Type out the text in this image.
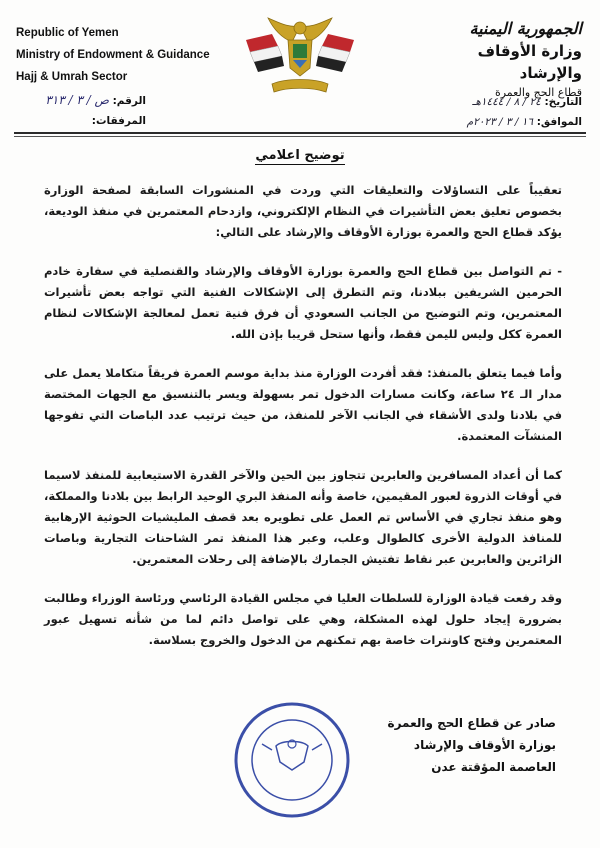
Republic of Yemen
Ministry of Endowment & Guidance
Hajj & Umrah Sector
الجمهورية اليمنية
وزارة الأوقاف والإرشاد
قطاع الحج والعمرة
الرقم: ص / ٣ / ٣١٣
المرفقات:
التاريخ: ٢٤ / ٨ / ١٤٤٤هـ
الموافق: ١٦ / ٣ / ٢٠٢٣م
توضيح اعلامي

تعقيباً على التساؤلات والتعليقات التي وردت في المنشورات السابقة لصفحة الوزارة بخصوص تعليق بعض التأشيرات في النظام الإلكتروني، وازدحام المعتمرين في منفذ الوديعة، يؤكد قطاع الحج والعمرة بوزارة الأوقاف والإرشاد على التالي:

- تم التواصل بين قطاع الحج والعمرة بوزارة الأوقاف والإرشاد والقنصلية في سفارة خادم الحرمين الشريفين ببلادنا، وتم التطرق إلى الإشكالات الفنية التي تواجه بعض تأشيرات المعتمرين، وتم التوضيح من الجانب السعودي أن فرق فنية تعمل لمعالجة الإشكالات لنظام العمرة ككل وليس لليمن فقط، وأنها ستحل قريبا بإذن الله.

وأما فيما يتعلق بالمنفذ: فقد أفردت الوزارة منذ بداية موسم العمرة فريقاً متكاملا يعمل على مدار الـ ٢٤ ساعة، وكانت مسارات الدخول تمر بسهولة ويسر بالتنسيق مع الجهات المختصة في بلادنا ولدى الأشقاء في الجانب الآخر للمنفذ، من حيث ترتيب عدد الباصات التي تفوجها المنشآت المعتمدة.

كما أن أعداد المسافرين والعابرين تتجاوز بين الحين والآخر القدرة الاستيعابية للمنفذ لاسيما في أوقات الذروة لعبور المقيمين، خاصة وأنه المنفذ البري الوحيد الرابط بين بلادنا والمملكة، وهو منفذ تجاري في الأساس تم العمل على تطويره بعد قصف المليشيات الحوثية الإرهابية للمنافذ الدولية الأخرى كالطوال وعلب، وعبر هذا المنفذ تمر الشاحنات التجارية وباصات الزائرين والعابرين عبر نقاط تفتيش الجمارك بالإضافة إلى رحلات المعتمرين.

وقد رفعت قيادة الوزارة للسلطات العليا في مجلس القيادة الرئاسي ورئاسة الوزراء وطالبت بضرورة إيجاد حلول لهذه المشكلة، وهي على تواصل دائم لما من شأنه تسهيل عبور المعتمرين وفتح كاونترات خاصة بهم تمكنهم من الدخول والخروج بسلاسة.

صادر عن قطاع الحج والعمرة
بوزارة الأوقاف والإرشاد
العاصمة المؤقتة عدن
